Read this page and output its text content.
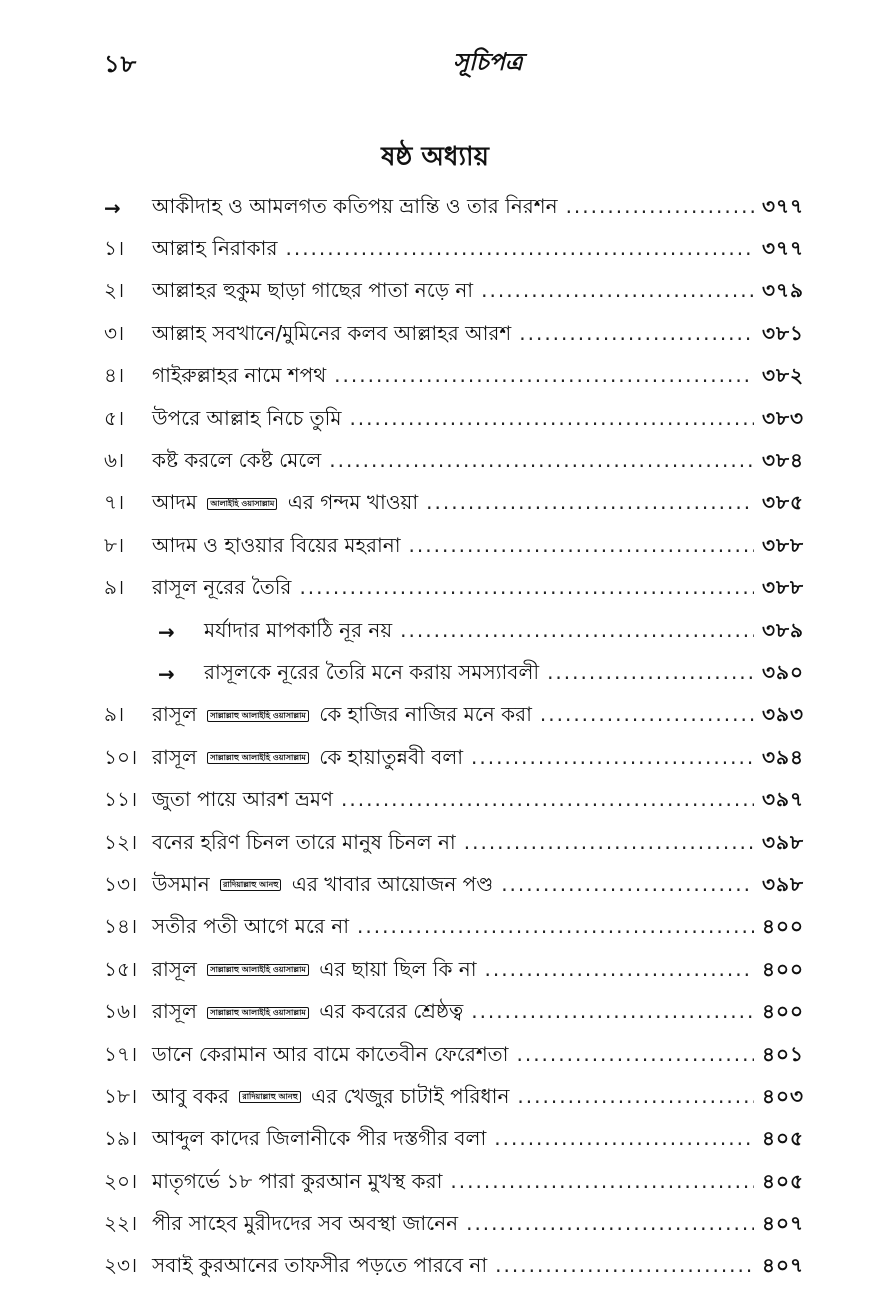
১৮	সূচিপত্র
ষষ্ঠ অধ্যায়
→	আকীদাহ ও আমলগত কতিপয় ভ্রান্তি ও তার নিরশন .....	৩৭৭
১।	আল্লাহ নিরাকার .....	৩৭৭
২।	আল্লাহর হুকুম ছাড়া গাছের পাতা নড়ে না .....	৩৭৯
৩।	আল্লাহ সবখানে/মুমিনের কলব আল্লাহর আরশ .....	৩৮১
৪।	গাইরুল্লাহর নামে শপথ .....	৩৮২
৫।	উপরে আল্লাহ নিচে তুমি .....	৩৮৩
৬।	কষ্ট করলে কেষ্ট মেলে .....	৩৮৪
৭।	আদম আলাইহি ওয়াসাল্লাম এর গন্দম খাওয়া .....	৩৮৫
৮।	আদম ও হাওয়ার বিয়ের মহরানা .....	৩৮৮
৯।	রাসূল নূরের তৈরি .....	৩৮৮
→	মর্যাদার মাপকাঠি নূর নয় .....	৩৮৯
→	রাসূলকে নূরের তৈরি মনে করায় সমস্যাবলী .....	৩৯০
৯।	রাসূল সাল্লাল্লাহু আলাইহি ওয়াসাল্লাম কে হাজির নাজির মনে করা .....	৩৯৩
১০। রাসূল সাল্লাল্লাহু আলাইহি ওয়াসাল্লাম কে হায়াতুন্নবী বলা .....	৩৯৪
১১। জুতা পায়ে আরশ ভ্রমণ .....	৩৯৭
১২। বনের হরিণ চিনল তারে মানুষ চিনল না .....	৩৯৮
১৩। উসমান রাদিয়াল্লাহু আনহু এর খাবার আয়োজন পণ্ড .....	৩৯৮
১৪। সতীর পতী আগে মরে না .....	৪০০
১৫। রাসূল সাল্লাল্লাহু আলাইহি ওয়াসাল্লাম এর ছায়া ছিল কি না .....	৪০০
১৬। রাসূল সাল্লাল্লাহু আলাইহি ওয়াসাল্লাম এর কবরের শ্রেষ্ঠত্ব .....	৪০০
১৭। ডানে কেরামান আর বামে কাতেবীন ফেরেশতা .....	৪০১
১৮। আবু বকর রাদিয়াল্লাহু আনহু এর খেজুর চাটাই পরিধান .....	৪০৩
১৯। আব্দুল কাদের জিলানীকে পীর দস্তগীর বলা .....	৪০৫
২০। মাতৃগর্ভে ১৮ পারা কুরআন মুখস্থ করা .....	৪০৫
২২। পীর সাহেব মুরীদদের সব অবস্থা জানেন .....	৪০৭
২৩। সবাই কুরআনের তাফসীর পড়তে পারবে না .....	৪০৭
